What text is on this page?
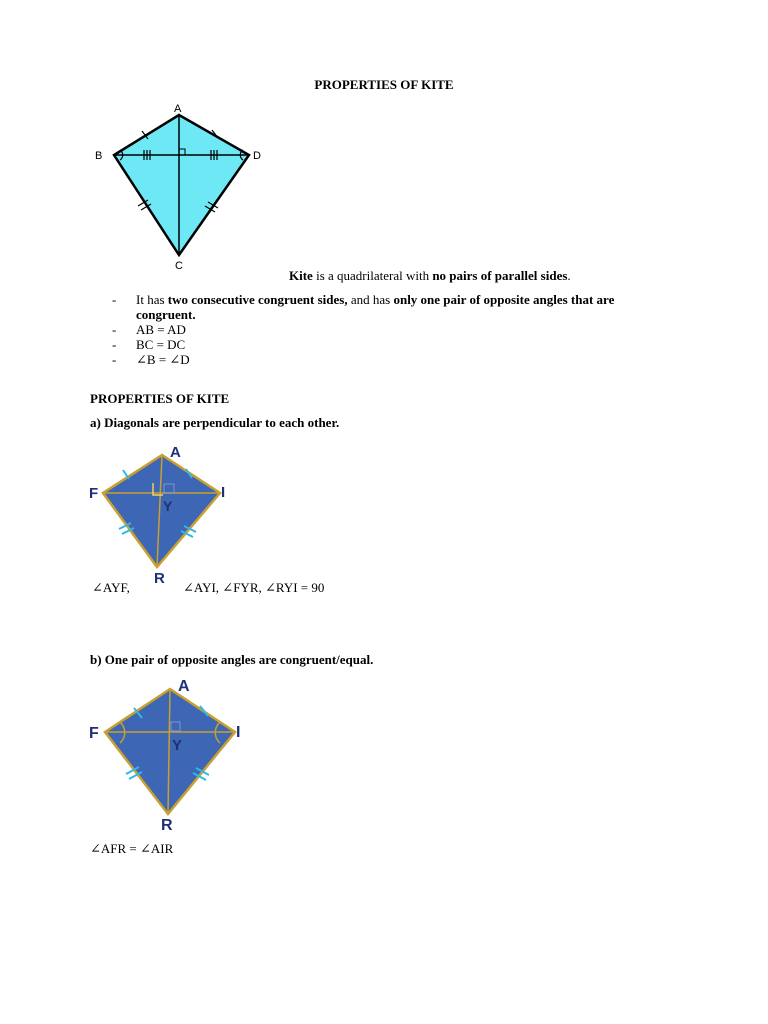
PROPERTIES OF KITE
A
B
C
D
Kite is a quadrilateral with no pairs of parallel sides.
- It has two consecutive congruent sides, and has only one pair of opposite angles that are
congruent.
- AB = AD
- BC = DC
- ∠B = ∠D
PROPERTIES OF KITE
a) Diagonals are perpendicular to each other.
A
F	I
Y
R
∠AYF,	∠AYI, ∠FYR, ∠RYI = 90
b) One pair of opposite angles are congruent/equal.
A
F	I
Y
R
∠AFR = ∠AIR
